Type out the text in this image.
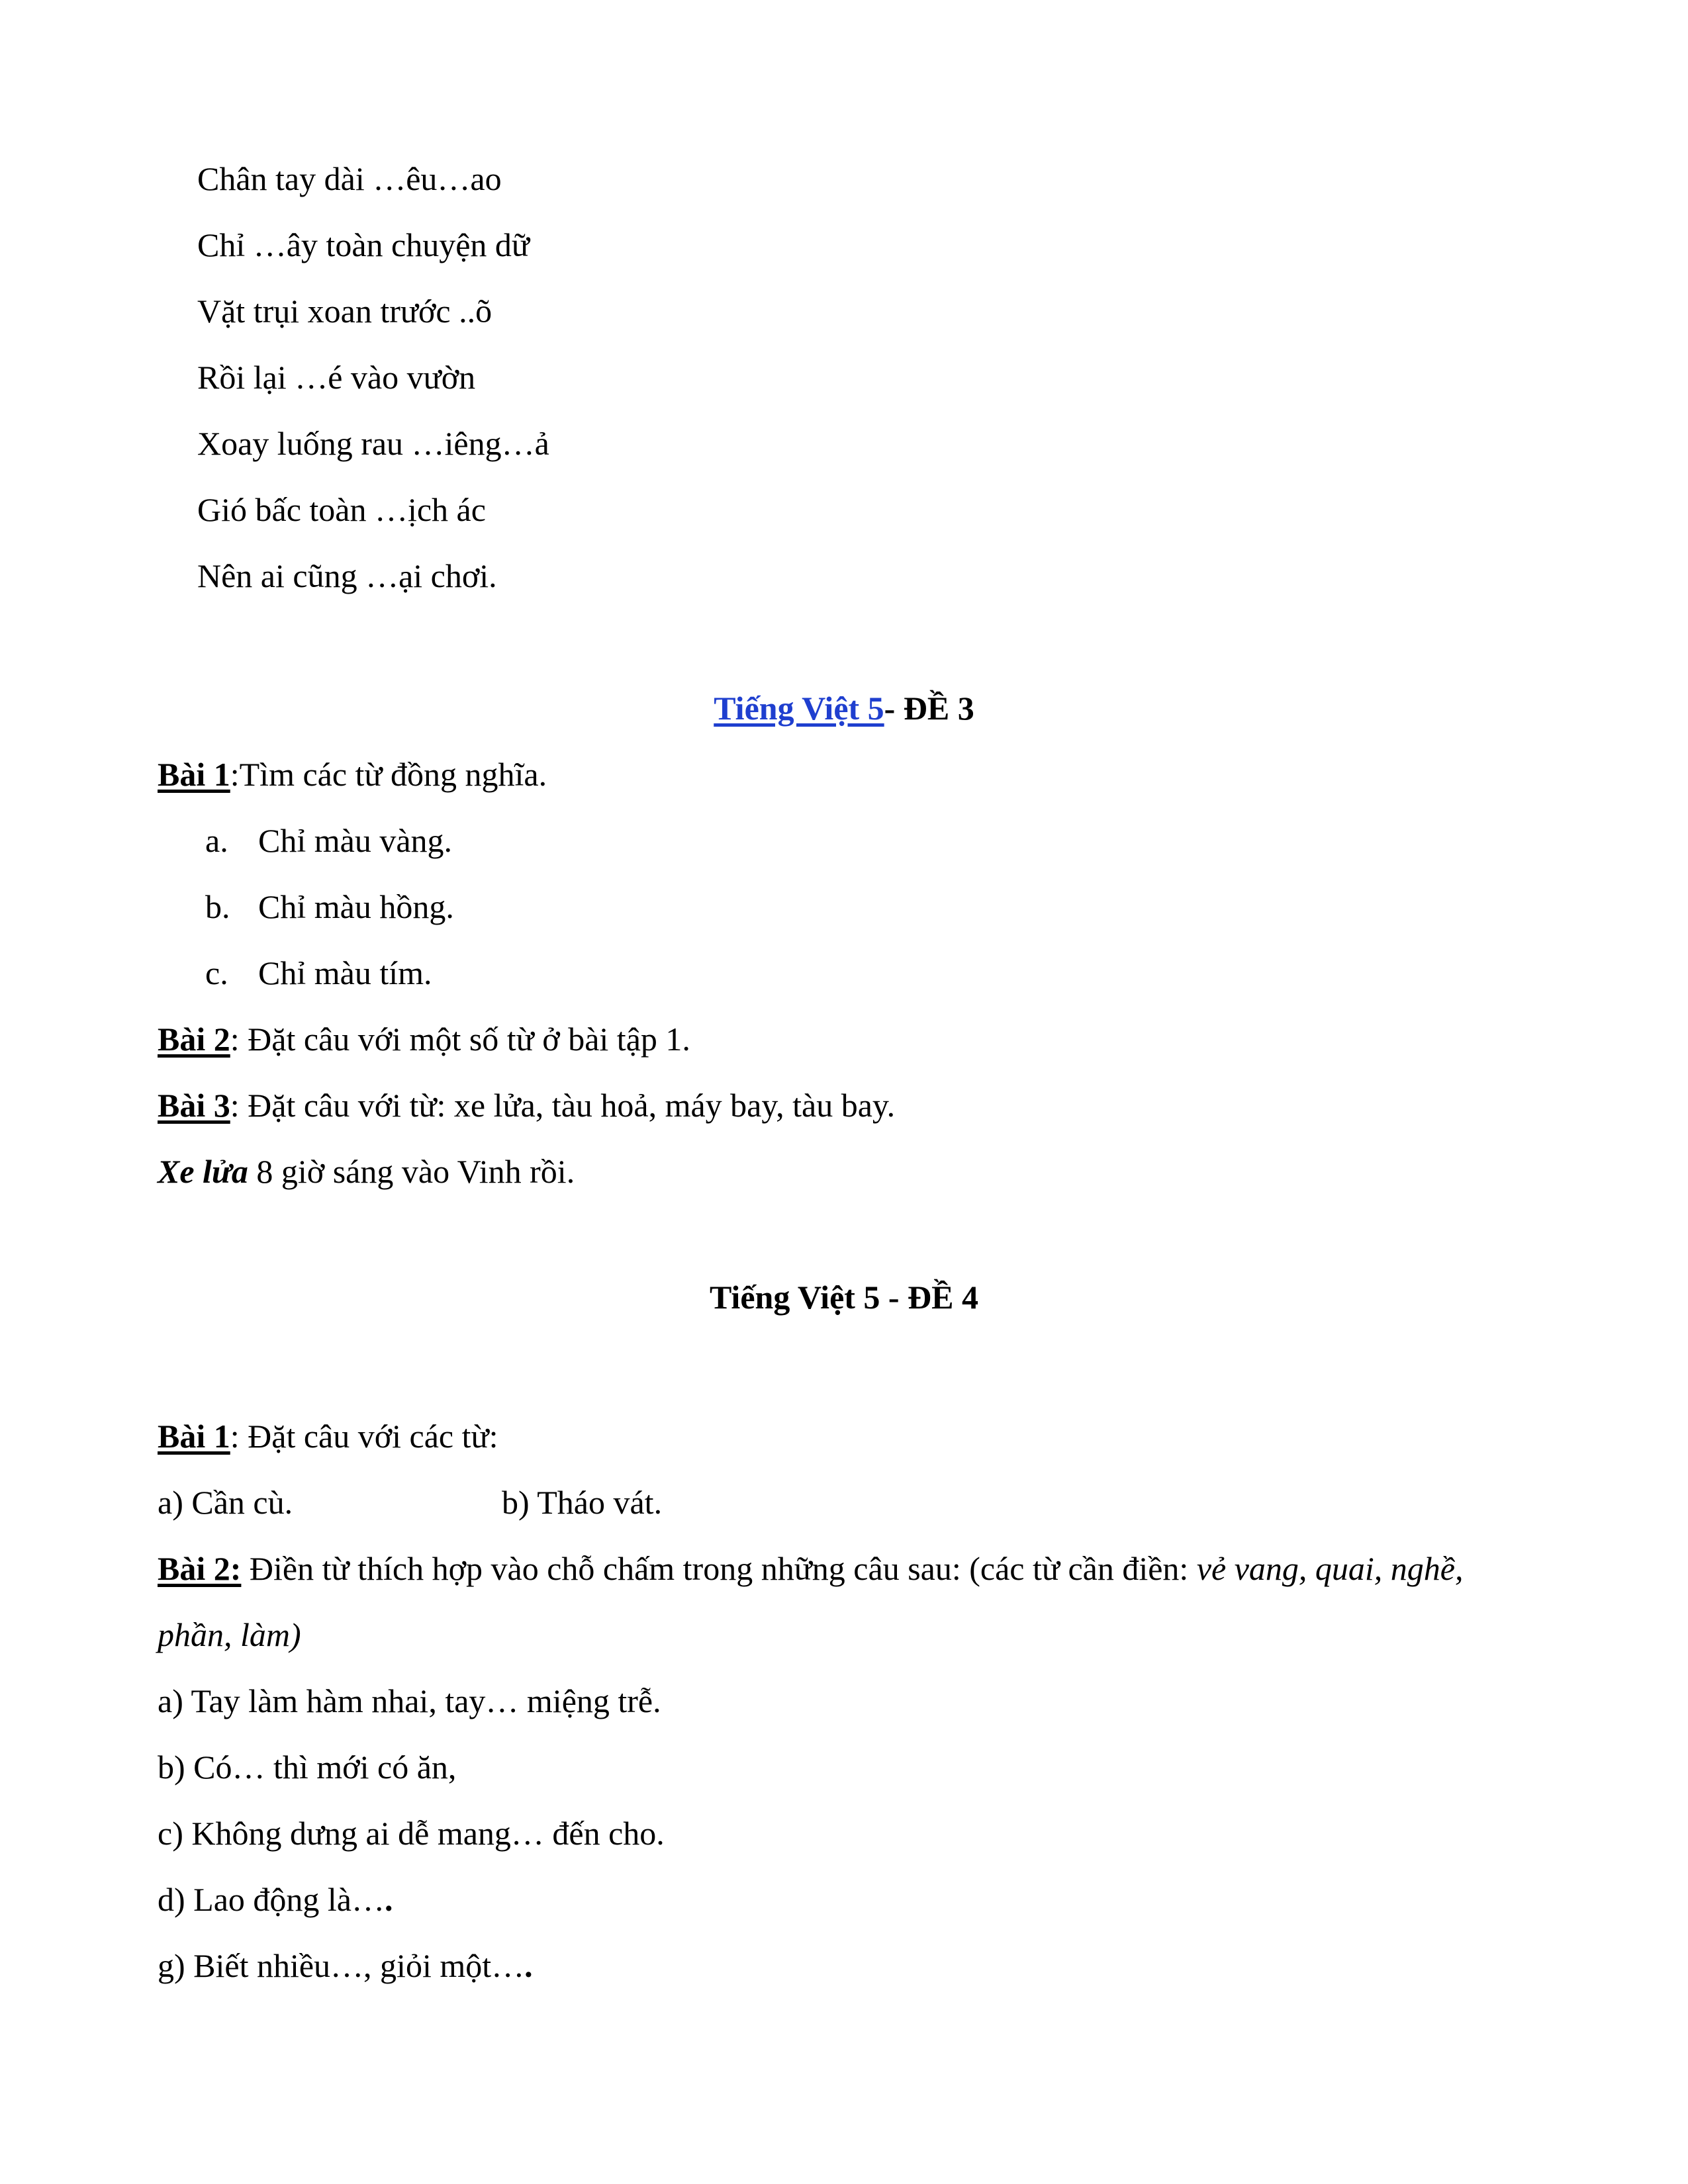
Chân tay dài …êu…ao
Chỉ …ây toàn chuyện dữ
Vặt trụi xoan trước ..õ
Rồi lại …é vào vườn
Xoay luống rau …iêng…ả
Gió bấc toàn …ịch ác
Nên ai cũng …ại chơi.
Tiếng Việt 5- ĐỀ 3
Bài 1:Tìm các từ đồng nghĩa.
a. Chỉ màu vàng.
b. Chỉ màu hồng.
c. Chỉ màu tím.
Bài 2: Đặt câu với một số từ ở bài tập 1.
Bài 3: Đặt câu với từ: xe lửa, tàu hoả, máy bay, tàu bay.
Xe lửa 8 giờ sáng vào Vinh rồi.
Tiếng Việt 5 - ĐỀ 4
Bài 1: Đặt câu với các từ:
a) Cần cù.	b) Tháo vát.
Bài 2: Điền từ thích hợp vào chỗ chấm trong những câu sau: (các từ cần điền: vẻ vang, quai, nghề, phần, làm)
a) Tay làm hàm nhai, tay… miệng trễ.
b) Có… thì mới có ăn,
c) Không dưng ai dễ mang… đến cho.
d) Lao động là….
g) Biết nhiều…, giỏi một….
